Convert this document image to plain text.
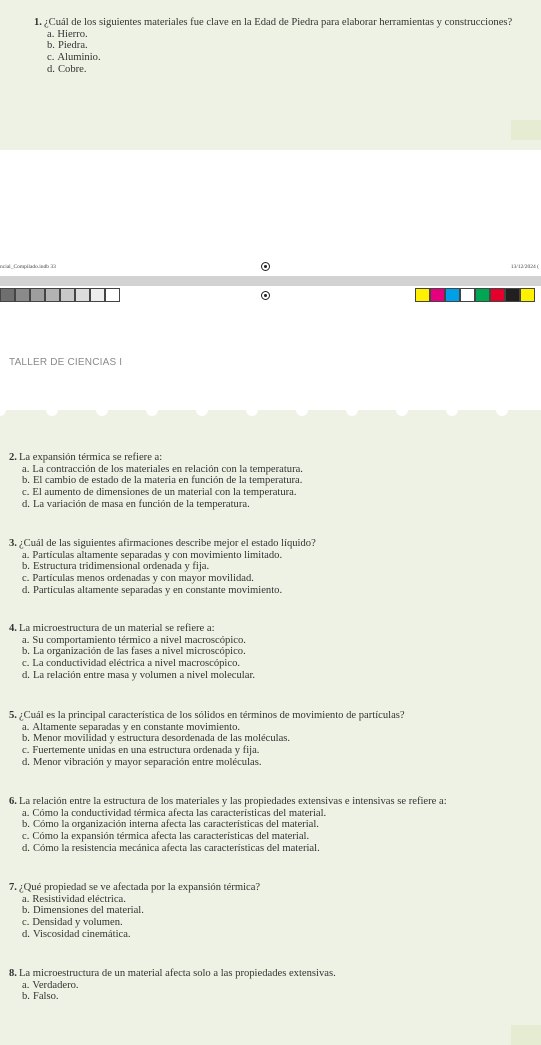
1. ¿Cuál de los siguientes materiales fue clave en la Edad de Piedra para elaborar herramientas y construcciones?
a. Hierro.
b. Piedra.
c. Aluminio.
d. Cobre.
ncial_Compilado.indb 33	13/12/2024 (
TALLER DE CIENCIAS I
2. La expansión térmica se refiere a:
a. La contracción de los materiales en relación con la temperatura.
b. El cambio de estado de la materia en función de la temperatura.
c. El aumento de dimensiones de un material con la temperatura.
d. La variación de masa en función de la temperatura.
3. ¿Cuál de las siguientes afirmaciones describe mejor el estado líquido?
a. Partículas altamente separadas y con movimiento limitado.
b. Estructura tridimensional ordenada y fija.
c. Partículas menos ordenadas y con mayor movilidad.
d. Partículas altamente separadas y en constante movimiento.
4. La microestructura de un material se refiere a:
a. Su comportamiento térmico a nivel macroscópico.
b. La organización de las fases a nivel microscópico.
c. La conductividad eléctrica a nivel macroscópico.
d. La relación entre masa y volumen a nivel molecular.
5. ¿Cuál es la principal característica de los sólidos en términos de movimiento de partículas?
a. Altamente separadas y en constante movimiento.
b. Menor movilidad y estructura desordenada de las moléculas.
c. Fuertemente unidas en una estructura ordenada y fija.
d. Menor vibración y mayor separación entre moléculas.
6. La relación entre la estructura de los materiales y las propiedades extensivas e intensivas se refiere a:
a. Cómo la conductividad térmica afecta las características del material.
b. Cómo la organización interna afecta las características del material.
c. Cómo la expansión térmica afecta las características del material.
d. Cómo la resistencia mecánica afecta las características del material.
7. ¿Qué propiedad se ve afectada por la expansión térmica?
a. Resistividad eléctrica.
b. Dimensiones del material.
c. Densidad y volumen.
d. Viscosidad cinemática.
8. La microestructura de un material afecta solo a las propiedades extensivas.
a. Verdadero.
b. Falso.
